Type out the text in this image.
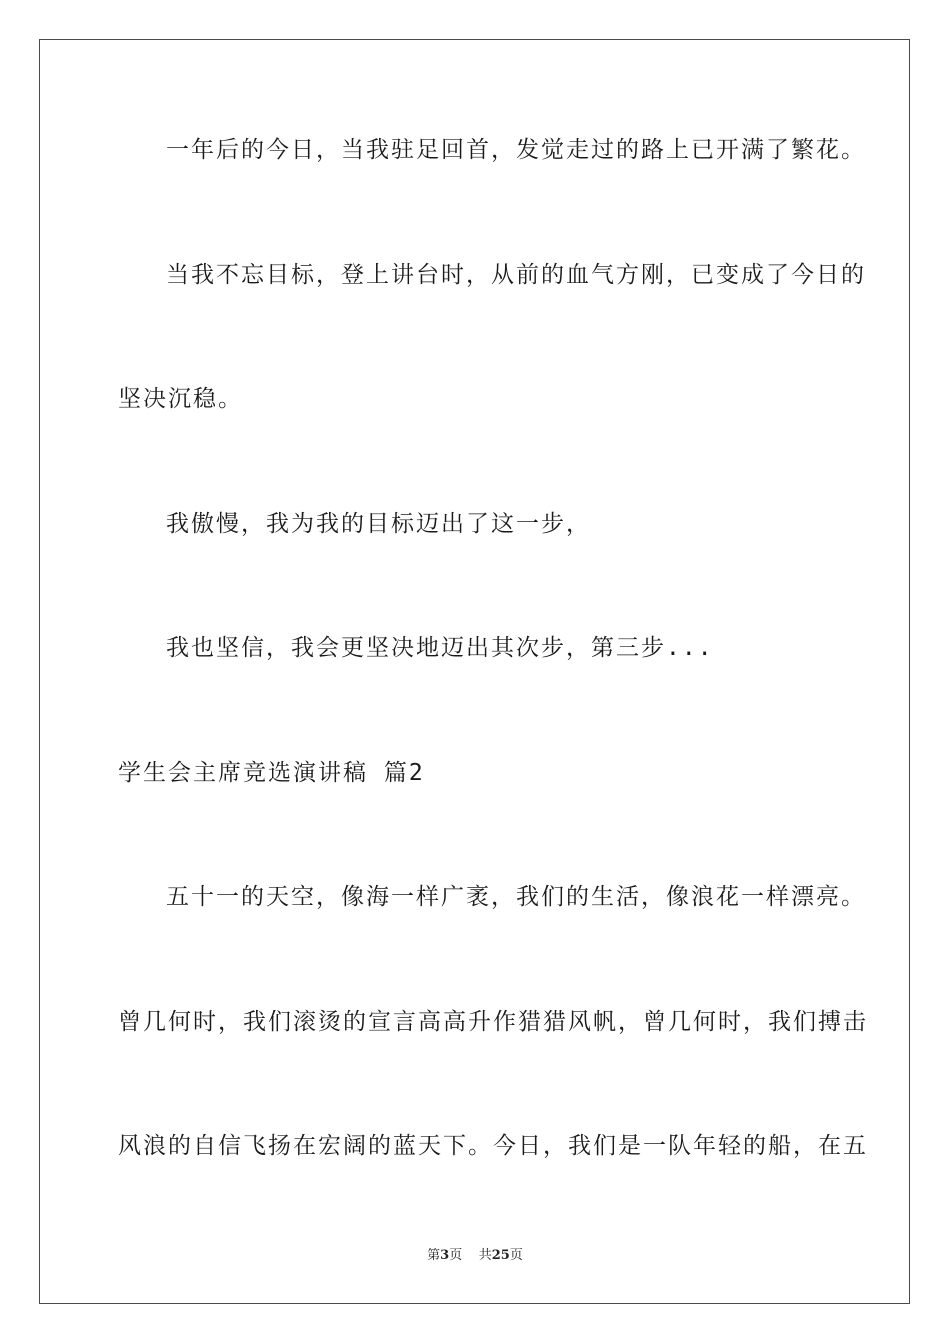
一年后的今日，当我驻足回首，发觉走过的路上已开满了繁花。
当我不忘目标，登上讲台时，从前的血气方刚，已变成了今日的
坚决沉稳。
我傲慢，我为我的目标迈出了这一步，
我也坚信，我会更坚决地迈出其次步，第三步...
学生会主席竞选演讲稿 篇2
五十一的天空，像海一样广袤，我们的生活，像浪花一样漂亮。
曾几何时，我们滚烫的宣言高高升作猎猎风帆，曾几何时，我们搏击
风浪的自信飞扬在宏阔的蓝天下。今日，我们是一队年轻的船，在五
第3页 共25页
